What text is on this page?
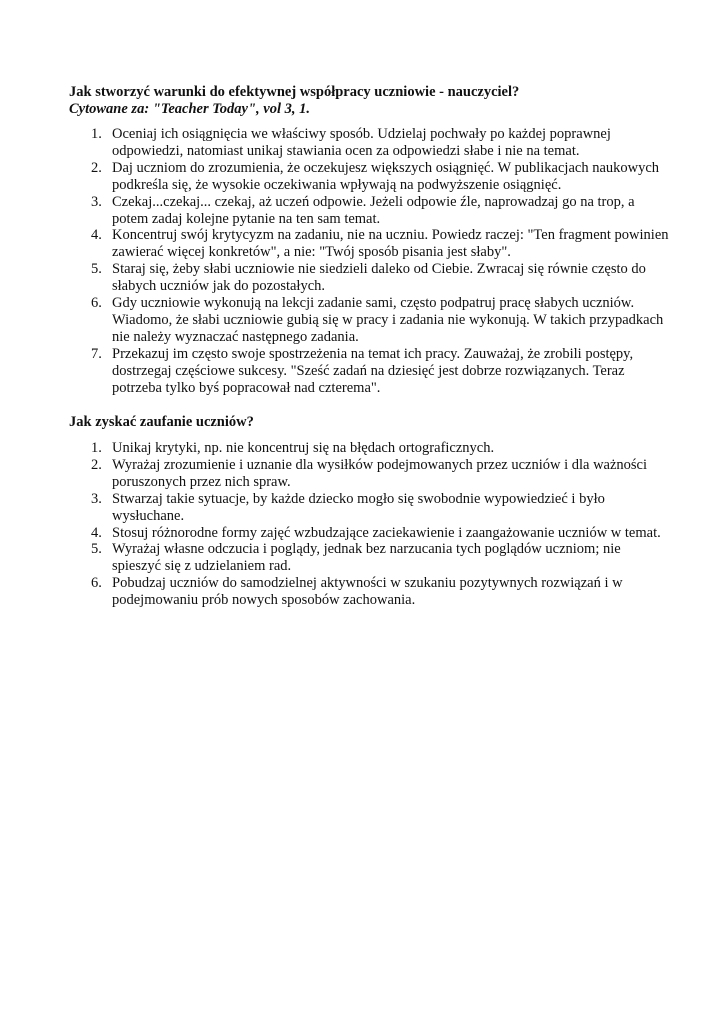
Jak stworzyć warunki do efektywnej współpracy uczniowie - nauczyciel?

Cytowane za: "Teacher Today", vol 3, 1.

1. Oceniaj ich osiągnięcia we właściwy sposób. Udzielaj pochwały po każdej poprawnej odpowiedzi, natomiast unikaj stawiania ocen za odpowiedzi słabe i nie na temat.
2. Daj uczniom do zrozumienia, że oczekujesz większych osiągnięć. W publikacjach naukowych podkreśla się, że wysokie oczekiwania wpływają na podwyższenie osiągnięć.
3. Czekaj...czekaj... czekaj, aż uczeń odpowie. Jeżeli odpowie źle, naprowadzaj go na trop, a potem zadaj kolejne pytanie na ten sam temat.
4. Koncentruj swój krytycyzm na zadaniu, nie na uczniu. Powiedz raczej: "Ten fragment powinien zawierać więcej konkretów", a nie: "Twój sposób pisania jest słaby".
5. Staraj się, żeby słabi uczniowie nie siedzieli daleko od Ciebie. Zwracaj się równie często do słabych uczniów jak do pozostałych.
6. Gdy uczniowie wykonują na lekcji zadanie sami, często podpatruj pracę słabych uczniów. Wiadomo, że słabi uczniowie gubią się w pracy i zadania nie wykonują. W takich przypadkach nie należy wyznaczać następnego zadania.
7. Przekazuj im często swoje spostrzeżenia na temat ich pracy. Zauważaj, że zrobili postępy, dostrzegaj częściowe sukcesy. "Sześć zadań na dziesięć jest dobrze rozwiązanych. Teraz potrzeba tylko byś popracował nad czterema".
Jak zyskać zaufanie uczniów?
1. Unikaj krytyki, np. nie koncentruj się na błędach ortograficznych.
2. Wyrażaj zrozumienie i uznanie dla wysiłków podejmowanych przez uczniów i dla ważności poruszonych przez nich spraw.
3. Stwarzaj takie sytuacje, by każde dziecko mogło się swobodnie wypowiedzieć i było wysłuchane.
4. Stosuj różnorodne formy zajęć wzbudzające zaciekawienie i zaangażowanie uczniów w temat.
5. Wyrażaj własne odczucia i poglądy, jednak bez narzucania tych poglądów uczniom; nie spieszyć się z udzielaniem rad.
6. Pobudzaj uczniów do samodzielnej aktywności w szukaniu pozytywnych rozwiązań i w podejmowaniu prób nowych sposobów zachowania.
